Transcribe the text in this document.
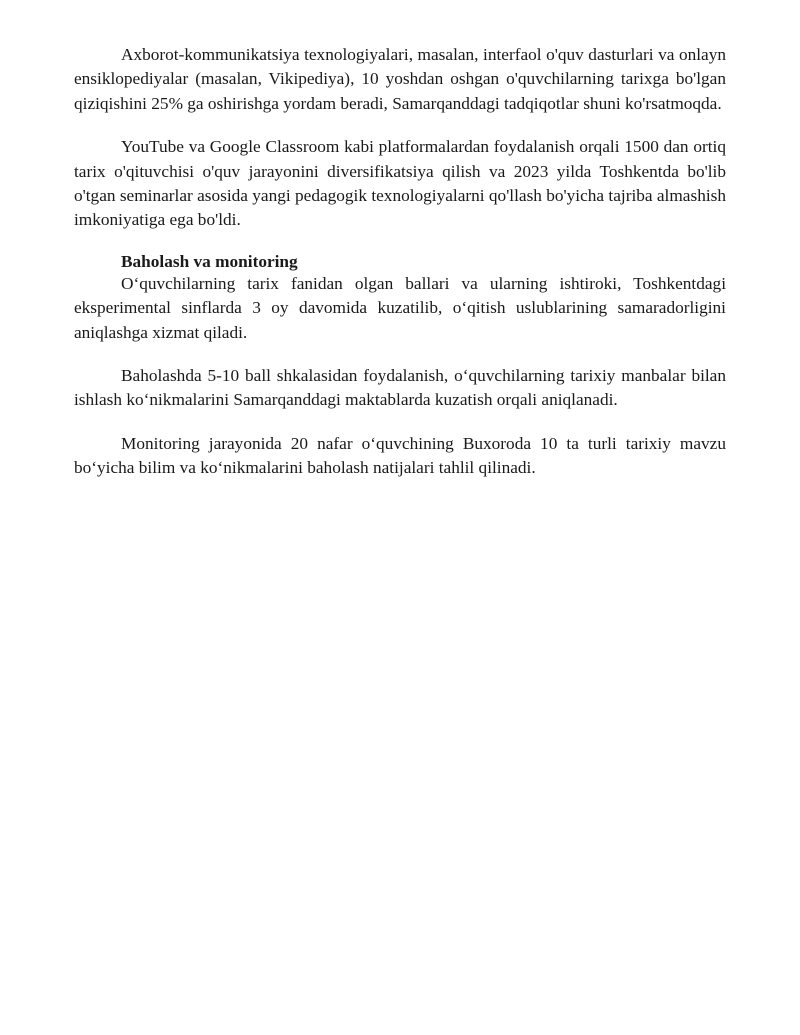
Axborot-kommunikatsiya texnologiyalari, masalan, interfaol o'quv dasturlari va onlayn ensiklopediyalar (masalan, Vikipediya), 10 yoshdan oshgan o'quvchilarning tarixga bo'lgan qiziqishini 25% ga oshirishga yordam beradi, Samarqanddagi tadqiqotlar shuni ko'rsatmoqda.

YouTube va Google Classroom kabi platformalardan foydalanish orqali 1500 dan ortiq tarix o'qituvchisi o'quv jarayonini diversifikatsiya qilish va 2023 yilda Toshkentda bo'lib o'tgan seminarlar asosida yangi pedagogik texnologiyalarni qo'llash bo'yicha tajriba almashish imkoniyatiga ega bo'ldi.

Baholash va monitoring

O‘quvchilarning tarix fanidan olgan ballari va ularning ishtiroki, Toshkentdagi eksperimental sinflarda 3 oy davomida kuzatilib, o‘qitish uslublarining samaradorligini aniqlashga xizmat qiladi.

Baholashda 5-10 ball shkalasidan foydalanish, o‘quvchilarning tarixiy manbalar bilan ishlash ko‘nikmalarini Samarqanddagi maktablarda kuzatish orqali aniqlanadi.

Monitoring jarayonida 20 nafar o‘quvchining Buxoroda 10 ta turli tarixiy mavzu bo‘yicha bilim va ko‘nikmalarini baholash natijalari tahlil qilinadi.
